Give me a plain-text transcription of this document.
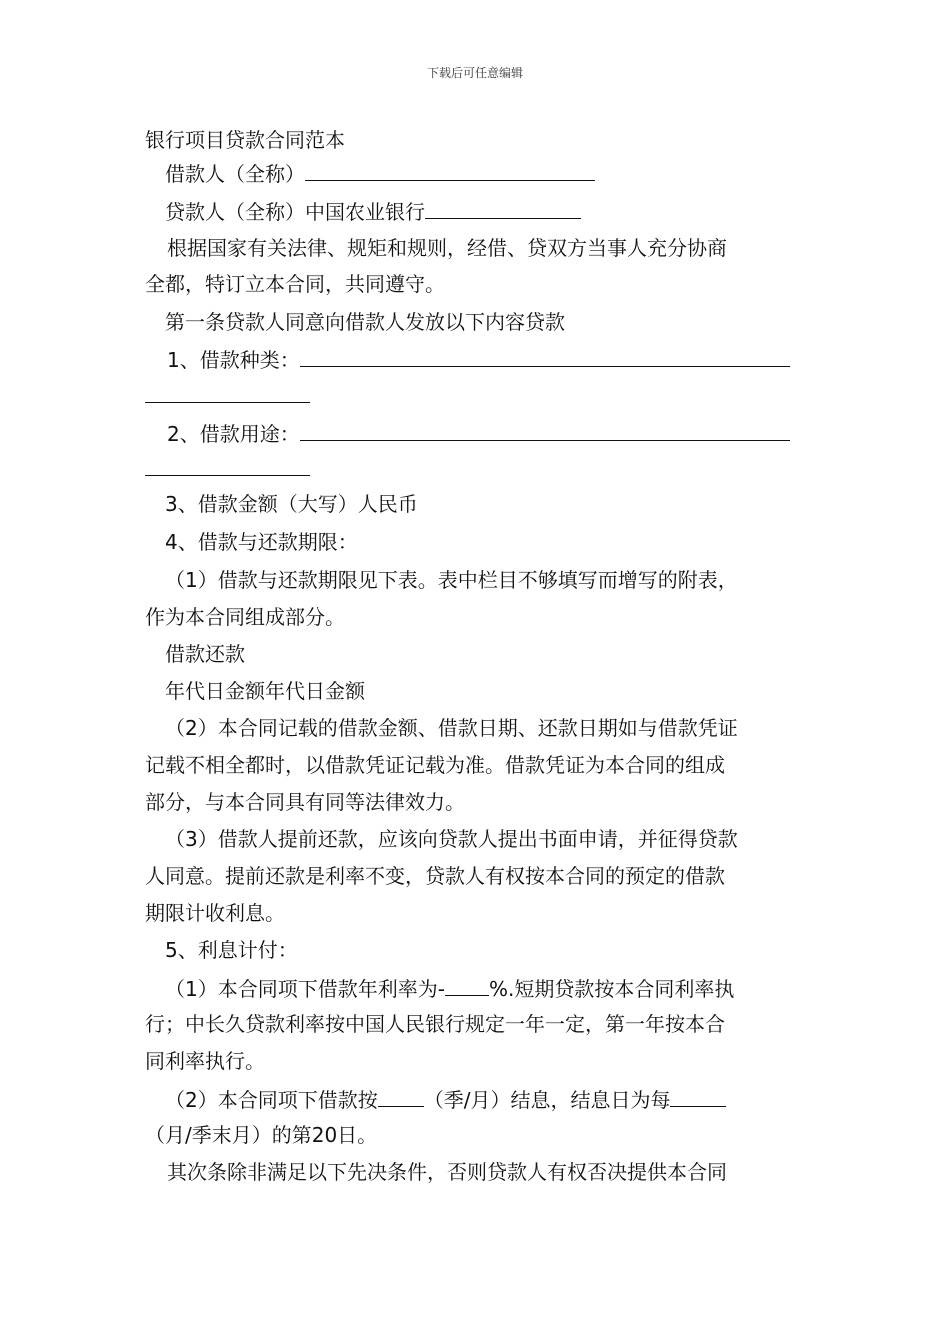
下载后可任意编辑
银行项目贷款合同范本
借款人（全称）
贷款人（全称）中国农业银行
根据国家有关法律、规矩和规则，经借、贷双方当事人充分协商
全都，特订立本合同，共同遵守。
第一条贷款人同意向借款人发放以下内容贷款
1、借款种类：
2、借款用途：
3、借款金额（大写）人民币
4、借款与还款期限：
（1）借款与还款期限见下表。表中栏目不够填写而增写的附表，
作为本合同组成部分。
借款还款
年代日金额年代日金额
（2）本合同记载的借款金额、借款日期、还款日期如与借款凭证
记载不相全都时，以借款凭证记载为准。借款凭证为本合同的组成
部分，与本合同具有同等法律效力。
（3）借款人提前还款，应该向贷款人提出书面申请，并征得贷款
人同意。提前还款是利率不变，贷款人有权按本合同的预定的借款
期限计收利息。
5、利息计付：
（1）本合同项下借款年利率为- %.短期贷款按本合同利率执
行；中长久贷款利率按中国人民银行规定一年一定，第一年按本合
同利率执行。
（2）本合同项下借款按 （季/月）结息，结息日为每
（月/季末月）的第20日。
其次条除非满足以下先决条件，否则贷款人有权否决提供本合同
